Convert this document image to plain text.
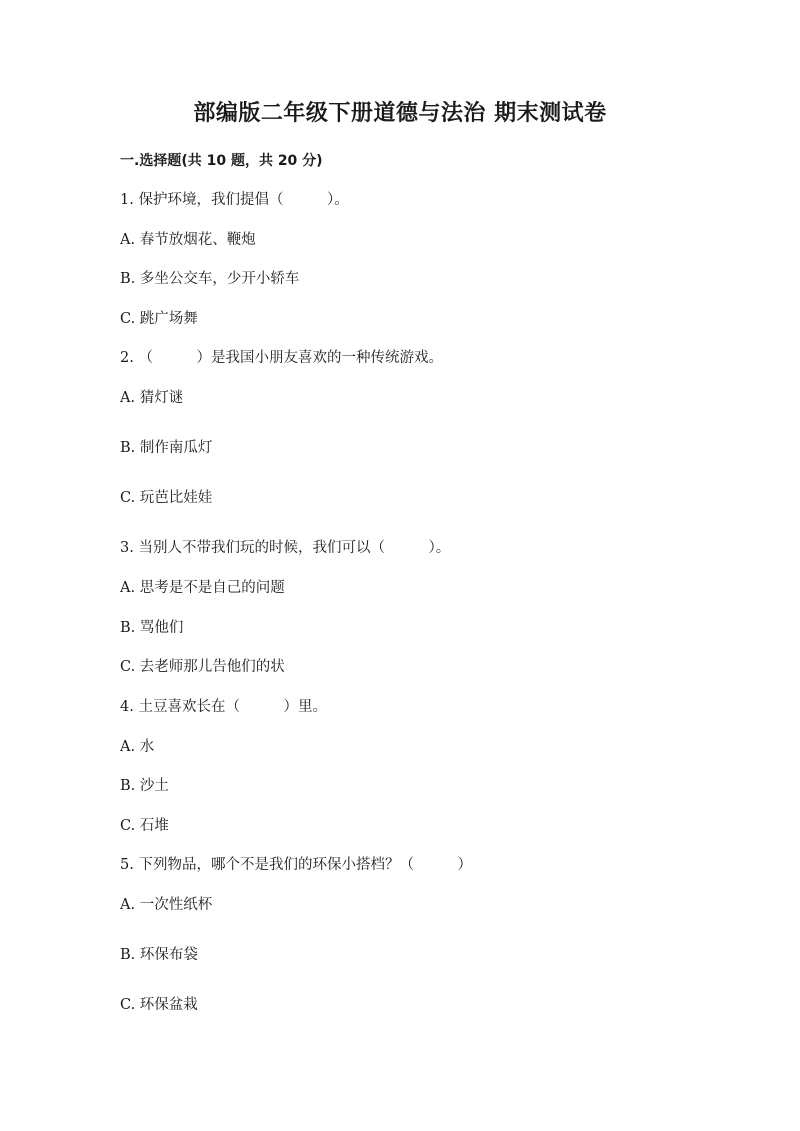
部编版二年级下册道德与法治 期末测试卷
一.选择题(共 10 题，共 20 分)
1. 保护环境，我们提倡（　　　）。
A. 春节放烟花、鞭炮
B. 多坐公交车，少开小轿车
C. 跳广场舞
2. （　　　）是我国小朋友喜欢的一种传统游戏。
A. 猜灯谜
B. 制作南瓜灯
C. 玩芭比娃娃
3. 当别人不带我们玩的时候，我们可以（　　　）。
A. 思考是不是自己的问题
B. 骂他们
C. 去老师那儿告他们的状
4. 土豆喜欢长在（　　　）里。
A. 水
B. 沙土
C. 石堆
5. 下列物品，哪个不是我们的环保小搭档？（　　　）
A. 一次性纸杯
B. 环保布袋
C. 环保盆栽
